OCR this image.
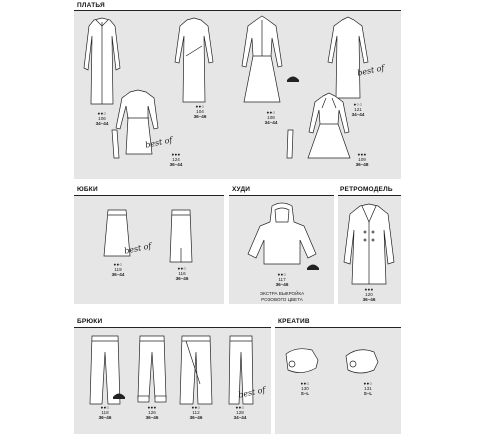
ПЛАТЬЯ
●●○
106
34–44
best of
●●●
124
36–44
●●○
104
36–46
●●○
108
34–44
best of
●○○
121
34–44
●●●
109
36–48
ЮБКИ
best of
●●○
119
36–44
●●○
116
36–46
ХУДИ
●●○
117
36–46
ЭКСТРА ВЫКРОЙКА РОЗОВОГО ЦВЕТА
РЕТРОМОДЕЛЬ
●●●
120
36–46
БРЮКИ
●●○
118
36–46
●●●
126
36–46
●●○
112
36–46
best of
●●○
128
34–44
КРЕАТИВ
●●○
130
S–L
●●○
131
S–L
